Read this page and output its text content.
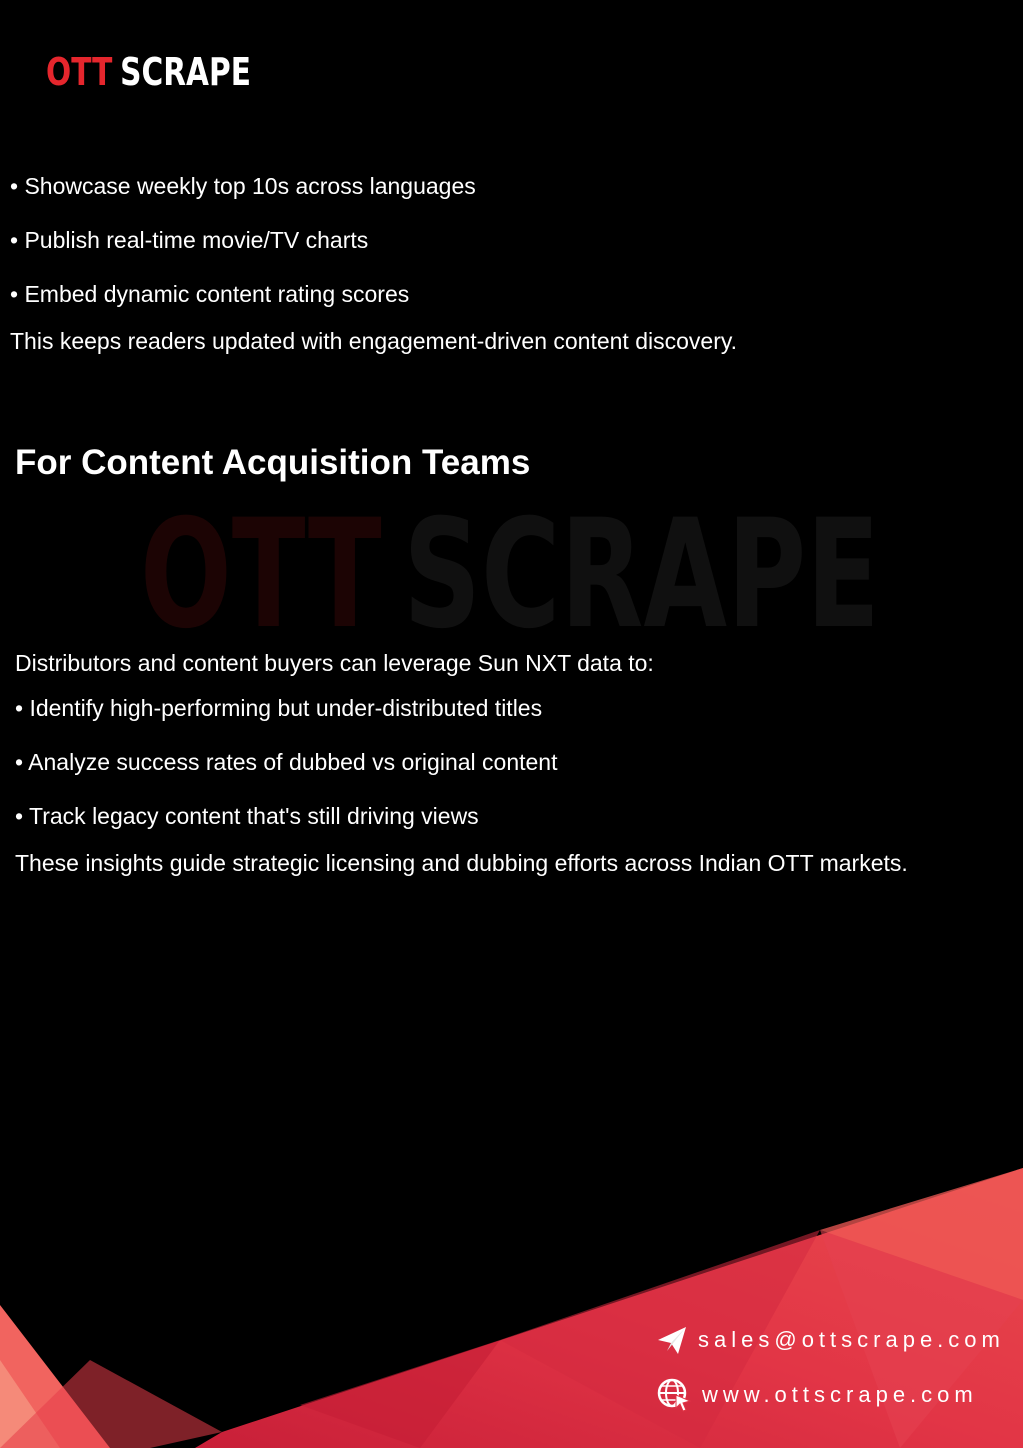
OTT SCRAPE
OTT SCRAPE
• Showcase weekly top 10s across languages
• Publish real-time movie/TV charts
• Embed dynamic content rating scores
This keeps readers updated with engagement-driven content discovery.
For Content Acquisition Teams
Distributors and content buyers can leverage Sun NXT data to:
• Identify high-performing but under-distributed titles
• Analyze success rates of dubbed vs original content
• Track legacy content that's still driving views
These insights guide strategic licensing and dubbing efforts across Indian OTT markets.
sales@ottscrape.com
www.ottscrape.com
